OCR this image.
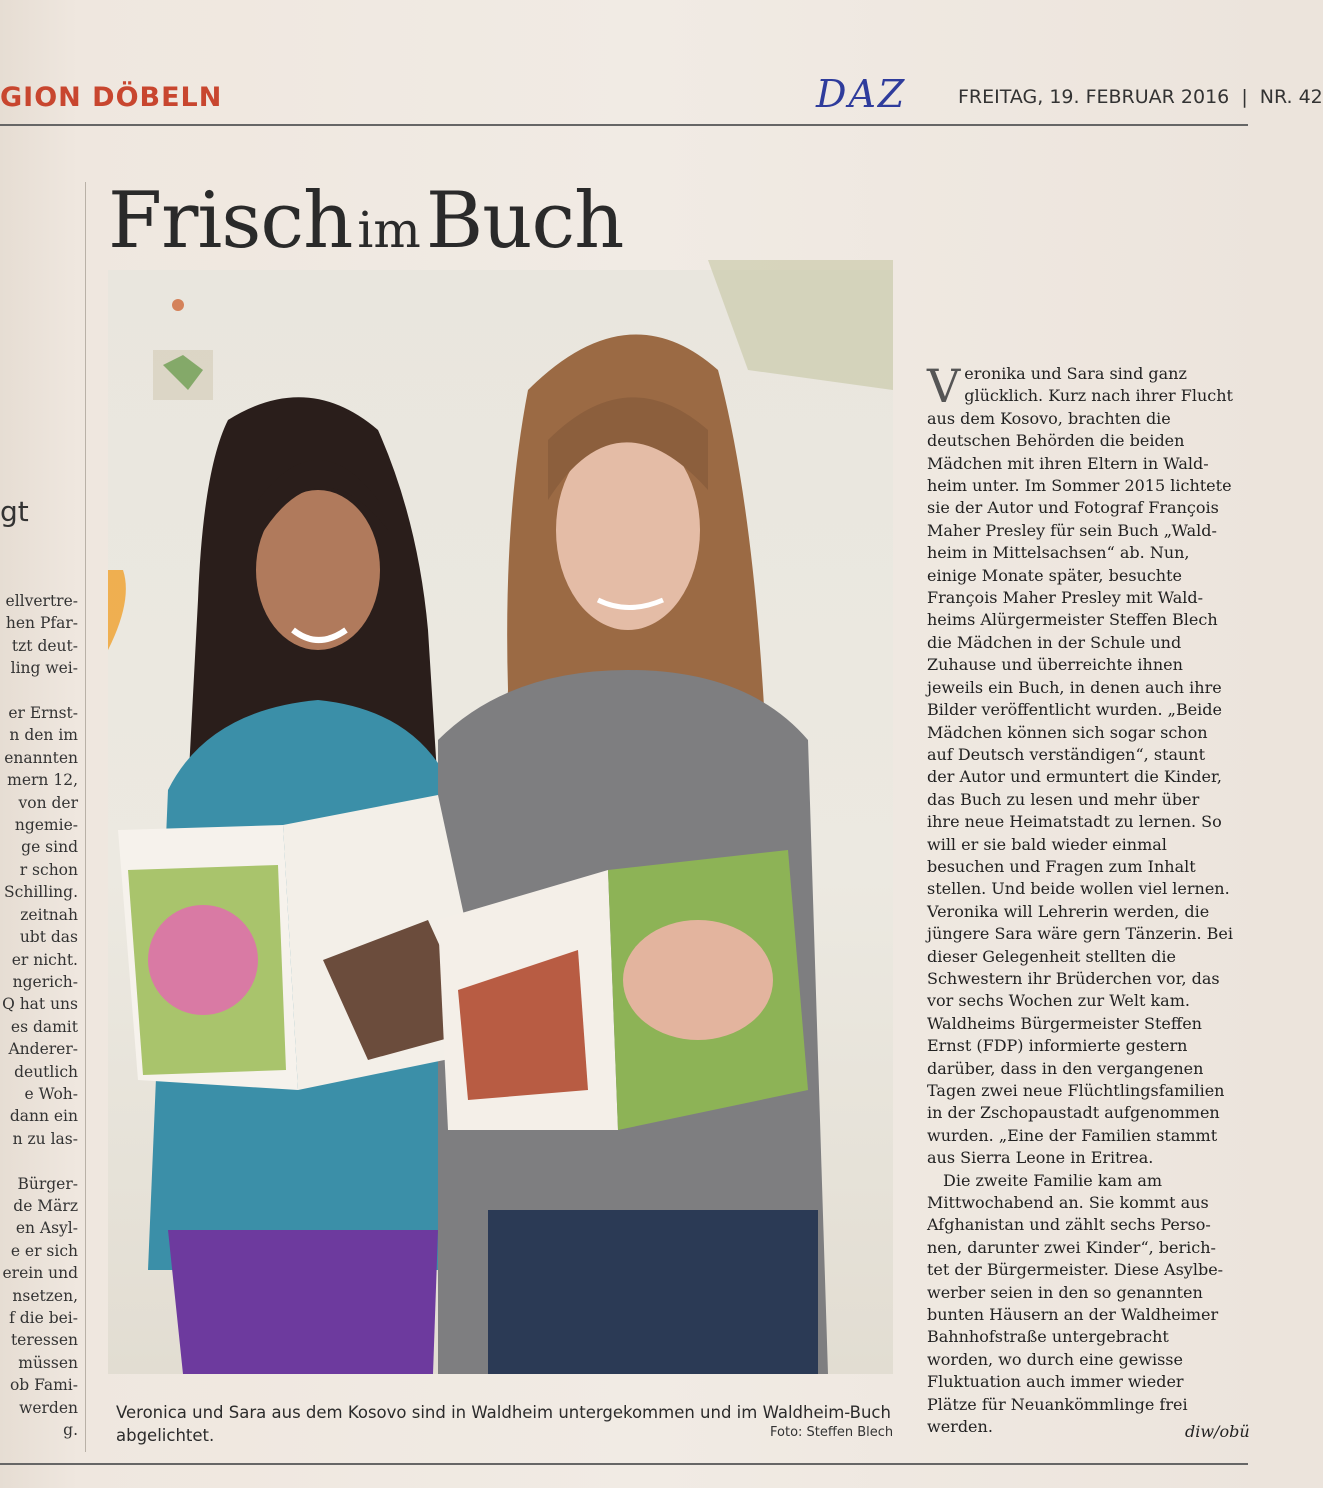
GION DÖBELN	DAZ	FREITAG, 19. FEBRUAR 2016 | NR. 42
gt
ellvertre-
hen Pfar-
tzt deut-
ling wei-

er Ernst-
n den im
enannten
mern 12,
von der
ngemie-
ge sind
r schon
Schilling.
zeitnah
ubt das
er nicht.
ngerich-
Q hat uns
es damit
Anderer-
deutlich
e Woh-
dann ein
n zu las-

Bürger-
de März
en Asyl-
e er sich
erein und
nsetzen,
f die bei-
teressen
müssen
ob Fami-
werden
g.
Frisch im Buch
Veronica und Sara aus dem Kosovo sind in Waldheim untergekommen und im Waldheim-Buch abgelichtet.	Foto: Steffen Blech
V eronika und Sara sind ganz
glücklich. Kurz nach ihrer Flucht
aus dem Kosovo, brachten die
deutschen Behörden die beiden
Mädchen mit ihren Eltern in Wald-
heim unter. Im Sommer 2015 lichtete
sie der Autor und Fotograf François
Maher Presley für sein Buch „Wald-
heim in Mittelsachsen“ ab. Nun,
einige Monate später, besuchte
François Maher Presley mit Wald-
heims Alürgermeister Steffen Blech
die Mädchen in der Schule und
Zuhause und überreichte ihnen
jeweils ein Buch, in denen auch ihre
Bilder veröffentlicht wurden. „Beide
Mädchen können sich sogar schon
auf Deutsch verständigen“, staunt
der Autor und ermuntert die Kinder,
das Buch zu lesen und mehr über
ihre neue Heimatstadt zu lernen. So
will er sie bald wieder einmal
besuchen und Fragen zum Inhalt
stellen. Und beide wollen viel lernen.
Veronika will Lehrerin werden, die
jüngere Sara wäre gern Tänzerin. Bei
dieser Gelegenheit stellten die
Schwestern ihr Brüderchen vor, das
vor sechs Wochen zur Welt kam.
Waldheims Bürgermeister Steffen
Ernst (FDP) informierte gestern
darüber, dass in den vergangenen
Tagen zwei neue Flüchtlingsfamilien
in der Zschopaustadt aufgenommen
wurden. „Eine der Familien stammt
aus Sierra Leone in Eritrea.
Die zweite Familie kam am
Mittwochabend an. Sie kommt aus
Afghanistan und zählt sechs Perso-
nen, darunter zwei Kinder“, berich-
tet der Bürgermeister. Diese Asylbe-
werber seien in den so genannten
bunten Häusern an der Waldheimer
Bahnhofstraße untergebracht
worden, wo durch eine gewisse
Fluktuation auch immer wieder
Plätze für Neuankömmlinge frei
werden.	diw/obü
